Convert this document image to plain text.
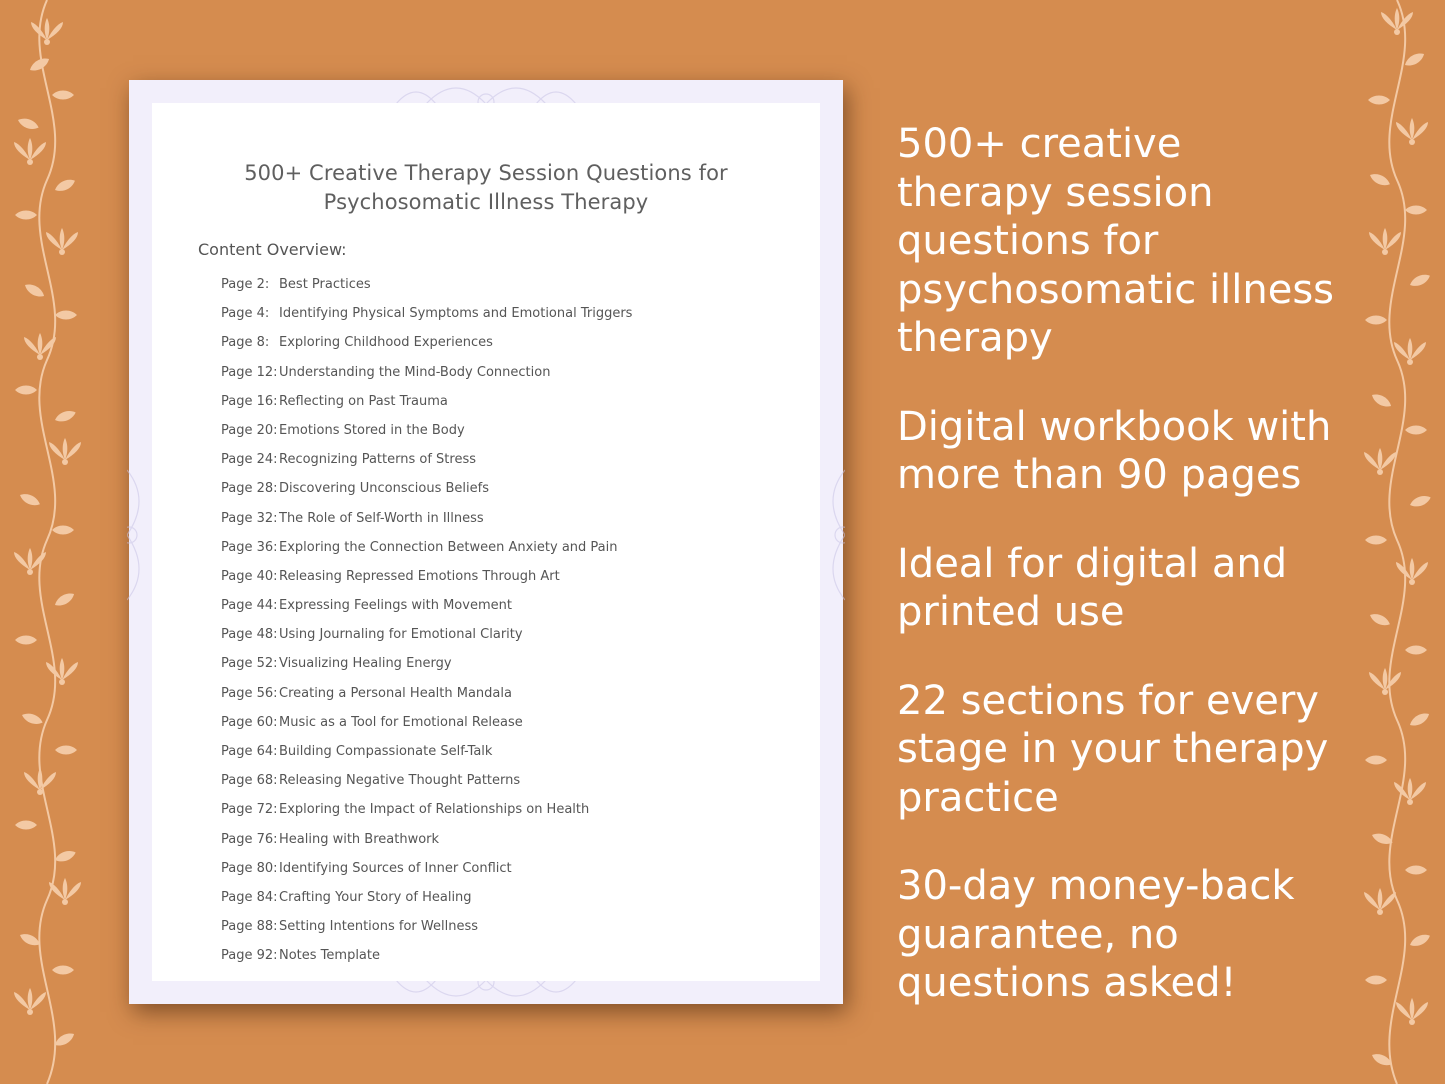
500+ Creative Therapy Session Questions for
Psychosomatic Illness Therapy
Content Overview:
Page 2: Best Practices
Page 4: Identifying Physical Symptoms and Emotional Triggers
Page 8: Exploring Childhood Experiences
Page 12: Understanding the Mind-Body Connection
Page 16: Reflecting on Past Trauma
Page 20: Emotions Stored in the Body
Page 24: Recognizing Patterns of Stress
Page 28: Discovering Unconscious Beliefs
Page 32: The Role of Self-Worth in Illness
Page 36: Exploring the Connection Between Anxiety and Pain
Page 40: Releasing Repressed Emotions Through Art
Page 44: Expressing Feelings with Movement
Page 48: Using Journaling for Emotional Clarity
Page 52: Visualizing Healing Energy
Page 56: Creating a Personal Health Mandala
Page 60: Music as a Tool for Emotional Release
Page 64: Building Compassionate Self-Talk
Page 68: Releasing Negative Thought Patterns
Page 72: Exploring the Impact of Relationships on Health
Page 76: Healing with Breathwork
Page 80: Identifying Sources of Inner Conflict
Page 84: Crafting Your Story of Healing
Page 88: Setting Intentions for Wellness
Page 92: Notes Template

500+ creative therapy session questions for psychosomatic illness therapy

Digital workbook with more than 90 pages

Ideal for digital and printed use

22 sections for every stage in your therapy practice

30-day money-back guarantee, no questions asked!
